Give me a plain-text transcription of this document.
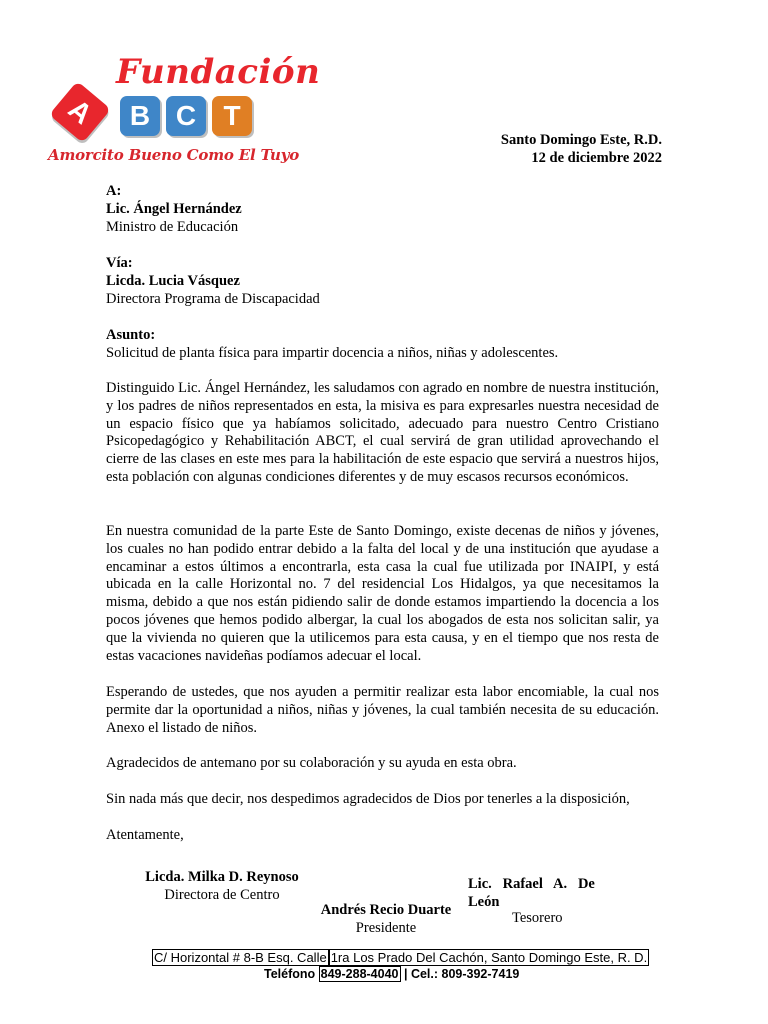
Fundación
A	B C T
Amorcito Bueno Como El Tuyo
Santo Domingo Este, R.D.
12 de diciembre 2022
A:
Lic. Ángel Hernández
Ministro de Educación
Vía:
Licda. Lucia Vásquez
Directora Programa de Discapacidad
Asunto:
Solicitud de planta física para impartir docencia a niños, niñas y adolescentes.

Distinguido Lic. Ángel Hernández, les saludamos con agrado en nombre de nuestra institución, y los padres de niños representados en esta, la misiva es para expresarles nuestra necesidad de un espacio físico que ya habíamos solicitado, adecuado para nuestro Centro Cristiano Psicopedagógico y Rehabilitación ABCT, el cual servirá de gran utilidad aprovechando el cierre de las clases en este mes para la habilitación de este espacio que servirá a nuestros hijos, esta población con algunas condiciones diferentes y de muy escasos recursos económicos.

En nuestra comunidad de la parte Este de Santo Domingo, existe decenas de niños y jóvenes, los cuales no han podido entrar debido a la falta del local y de una institución que ayudase a encaminar a estos últimos a encontrarla, esta casa la cual fue utilizada por INAIPI, y está ubicada en la calle Horizontal no. 7 del residencial Los Hidalgos, ya que necesitamos la misma, debido a que nos están pidiendo salir de donde estamos impartiendo la docencia a los pocos jóvenes que hemos podido albergar, la cual los abogados de esta nos solicitan salir, ya que la vivienda no quieren que la utilicemos para esta causa, y en el tiempo que nos resta de estas vacaciones navideñas podíamos adecuar el local.

Esperando de ustedes, que nos ayuden a permitir realizar esta labor encomiable, la cual nos permite dar la oportunidad a niños, niñas y jóvenes, la cual también necesita de su educación. Anexo el listado de niños.

Agradecidos de antemano por su colaboración y su ayuda en esta obra.

Sin nada más que decir, nos despedimos agradecidos de Dios por tenerles a la disposición,

Atentamente,

Licda. Milka D. Reynoso
Directora de Centro
Andrés Recio Duarte
Presidente
Lic.   Rafael   A.   De
León
Tesorero
C/ Horizontal # 8-B Esq. Calle 1ra Los Prado Del Cachón, Santo Domingo Este, R. D.
Teléfono 849-288-4040 | Cel.: 809-392-7419
